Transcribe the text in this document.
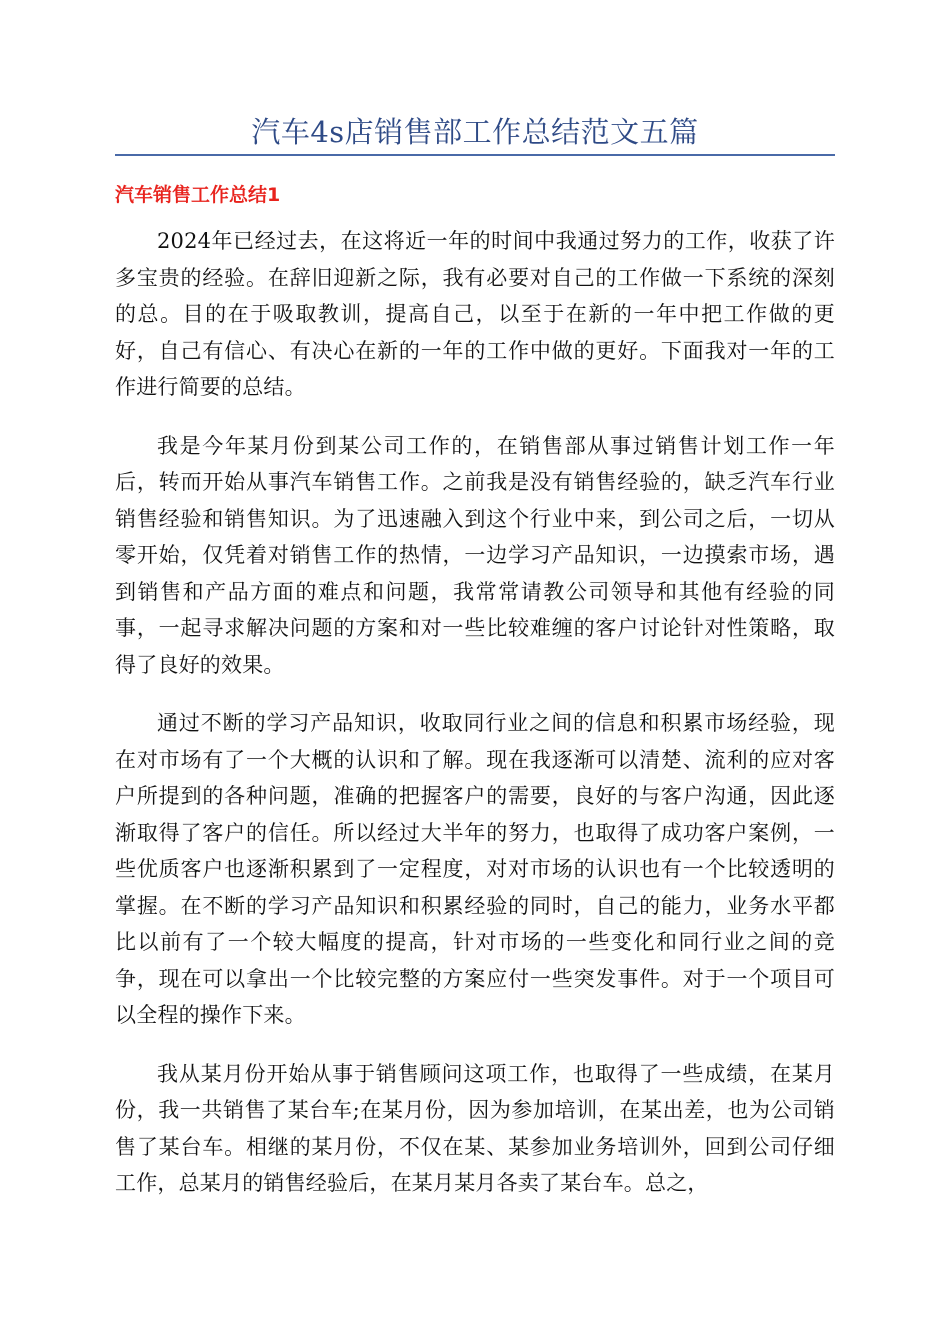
汽车4s店销售部工作总结范文五篇
汽车销售工作总结1

2024年已经过去，在这将近一年的时间中我通过努力的工作，收获了许多宝贵的经验。在辞旧迎新之际，我有必要对自己的工作做一下系统的深刻的总。目的在于吸取教训，提高自己，以至于在新的一年中把工作做的更好，自己有信心、有决心在新的一年的工作中做的更好。下面我对一年的工作进行简要的总结。

我是今年某月份到某公司工作的，在销售部从事过销售计划工作一年后，转而开始从事汽车销售工作。之前我是没有销售经验的，缺乏汽车行业销售经验和销售知识。为了迅速融入到这个行业中来，到公司之后，一切从零开始，仅凭着对销售工作的热情，一边学习产品知识，一边摸索市场，遇到销售和产品方面的难点和问题，我常常请教公司领导和其他有经验的同事，一起寻求解决问题的方案和对一些比较难缠的客户讨论针对性策略，取得了良好的效果。

通过不断的学习产品知识，收取同行业之间的信息和积累市场经验，现在对市场有了一个大概的认识和了解。现在我逐渐可以清楚、流利的应对客户所提到的各种问题，准确的把握客户的需要，良好的与客户沟通，因此逐渐取得了客户的信任。所以经过大半年的努力，也取得了成功客户案例，一些优质客户也逐渐积累到了一定程度，对对市场的认识也有一个比较透明的掌握。在不断的学习产品知识和积累经验的同时，自己的能力，业务水平都比以前有了一个较大幅度的提高，针对市场的一些变化和同行业之间的竞争，现在可以拿出一个比较完整的方案应付一些突发事件。对于一个项目可以全程的操作下来。

我从某月份开始从事于销售顾问这项工作，也取得了一些成绩，在某月份，我一共销售了某台车;在某月份，因为参加培训，在某出差，也为公司销售了某台车。相继的某月份，不仅在某、某参加业务培训外，回到公司仔细工作，总某月的销售经验后，在某月某月各卖了某台车。总之，
